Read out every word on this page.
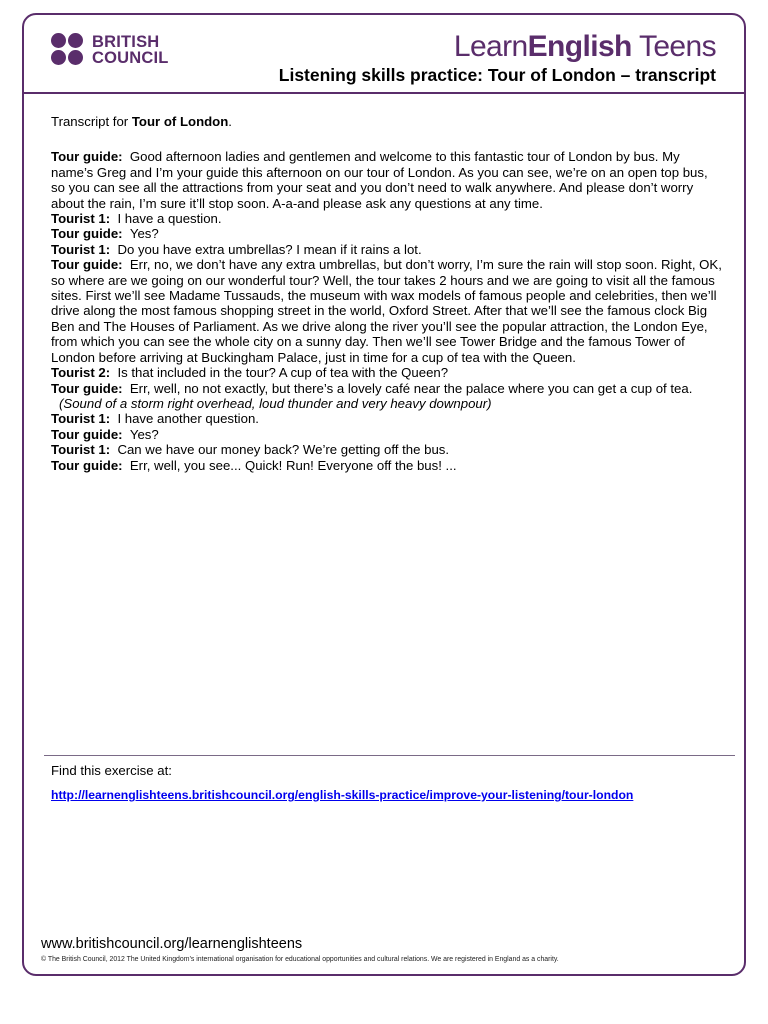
BRITISH
COUNCIL	LearnEnglish Teens
Listening skills practice: Tour of London – transcript
Transcript for Tour of London.
Tour guide: Good afternoon ladies and gentlemen and welcome to this fantastic tour of London by bus. My name’s Greg and I’m your guide this afternoon on our tour of London. As you can see, we’re on an open top bus, so you can see all the attractions from your seat and you don’t need to walk anywhere. And please don’t worry about the rain, I’m sure it’ll stop soon. A-a-and please ask any questions at any time.
Tourist 1: I have a question.
Tour guide: Yes?
Tourist 1: Do you have extra umbrellas? I mean if it rains a lot.
Tour guide: Err, no, we don’t have any extra umbrellas, but don’t worry, I’m sure the rain will stop soon. Right, OK, so where are we going on our wonderful tour? Well, the tour takes 2 hours and we are going to visit all the famous sites. First we’ll see Madame Tussauds, the museum with wax models of famous people and celebrities, then we’ll drive along the most famous shopping street in the world, Oxford Street. After that we’ll see the famous clock Big Ben and The Houses of Parliament. As we drive along the river you’ll see the popular attraction, the London Eye, from which you can see the whole city on a sunny day. Then we’ll see Tower Bridge and the famous Tower of London before arriving at Buckingham Palace, just in time for a cup of tea with the Queen.
Tourist 2: Is that included in the tour? A cup of tea with the Queen?
Tour guide: Err, well, no not exactly, but there’s a lovely café near the palace where you can get a cup of tea.
(Sound of a storm right overhead, loud thunder and very heavy downpour)
Tourist 1: I have another question.
Tour guide: Yes?
Tourist 1: Can we have our money back? We’re getting off the bus.
Tour guide: Err, well, you see... Quick! Run! Everyone off the bus! ...
Find this exercise at:
http://learnenglishteens.britishcouncil.org/english-skills-practice/improve-your-listening/tour-london
www.britishcouncil.org/learnenglishteens
© The British Council, 2012 The United Kingdom’s international organisation for educational opportunities and cultural relations. We are registered in England as a charity.
